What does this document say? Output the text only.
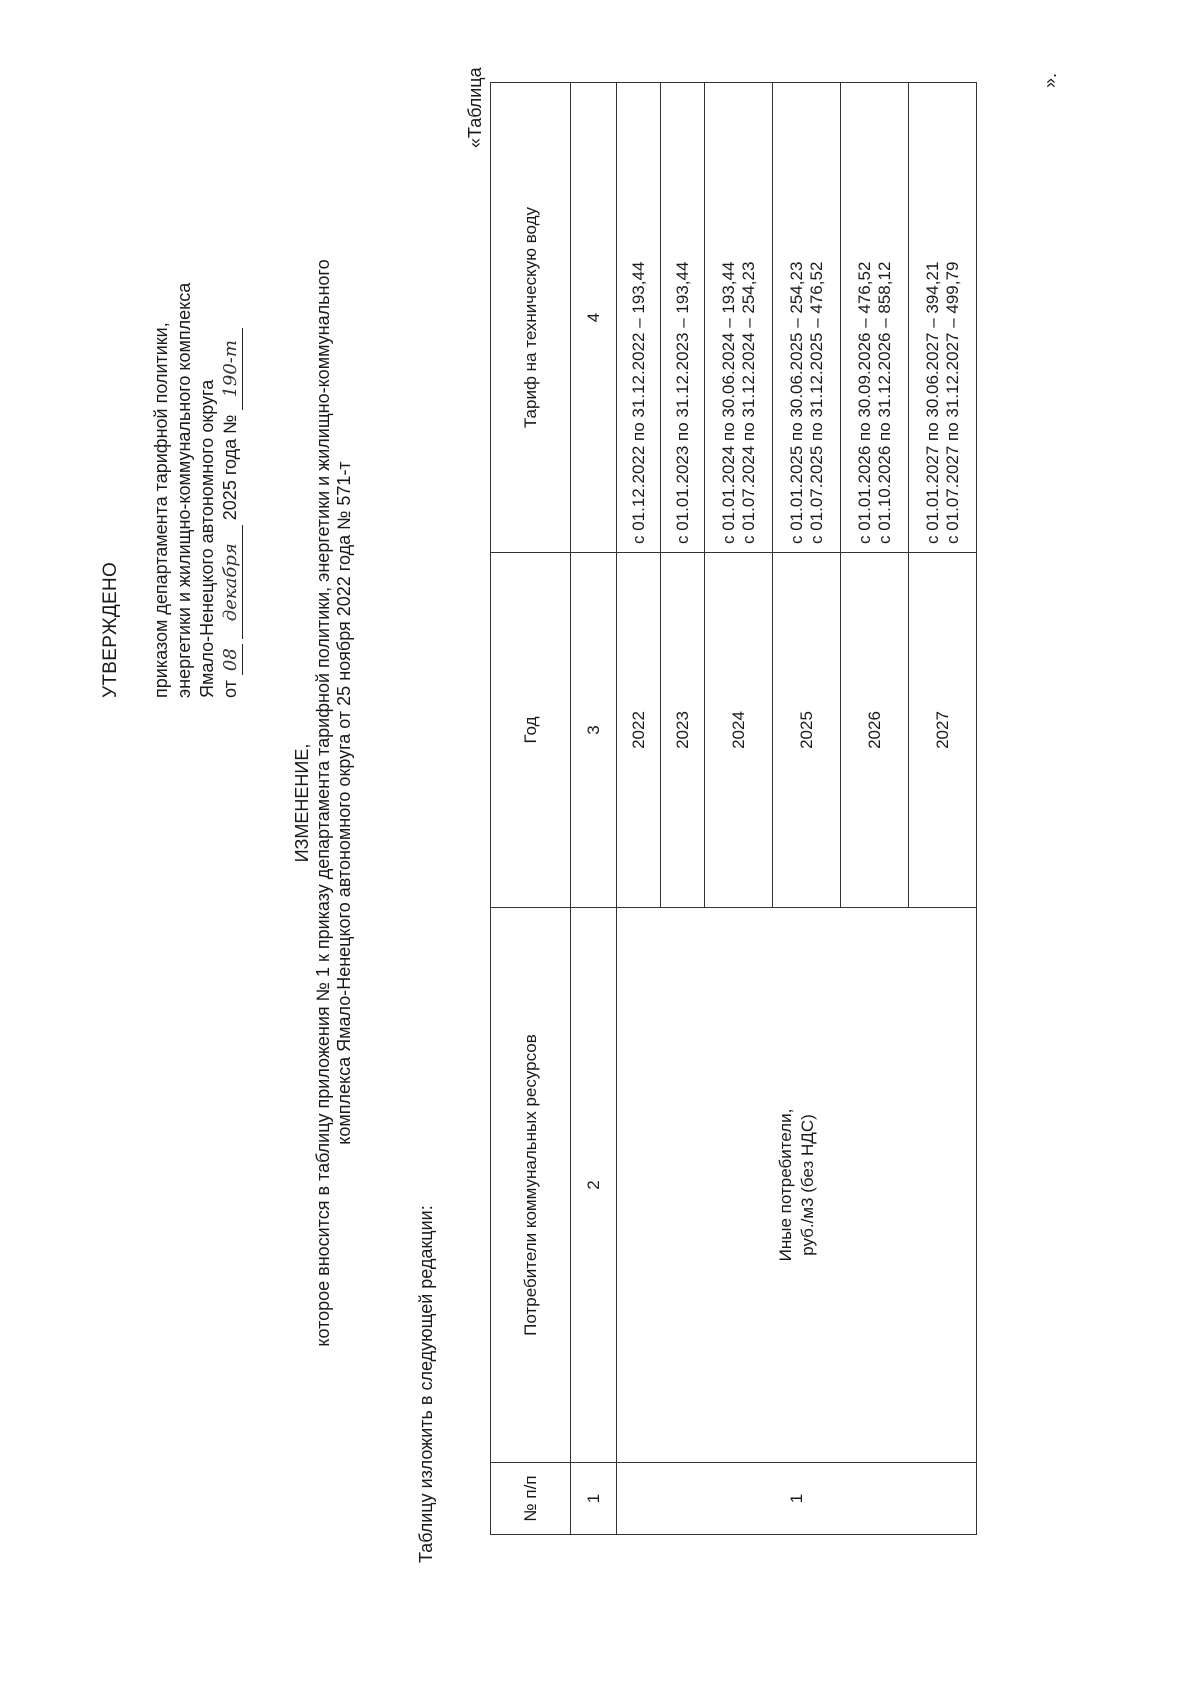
УТВЕРЖДЕНО приказом департамента тарифной политики, энергетики и жилищно-коммунального комплекса Ямало-Ненецкого автономного округа от 08 декабря 2025 года № 190-т
ИЗМЕНЕНИЕ, которое вносится в таблицу приложения № 1 к приказу департамента тарифной политики, энергетики и жилищно-коммунального комплекса Ямало-Ненецкого автономного округа от 25 ноября 2022 года № 571-т
Таблицу изложить в следующей редакции:
«Таблица
№ п/п	Потребители коммунальных ресурсов	Год	Тариф на техническую воду
1	2	3	4
1	Иные потребители, руб./м3 (без НДС)	2022	с 01.12.2022 по 31.12.2022 – 193,44

		2023	с 01.01.2023 по 31.12.2023 – 193,44

		2024	с 01.01.2024 по 30.06.2024 – 193,44 с 01.07.2024 по 31.12.2024 – 254,23

		2025	с 01.01.2025 по 30.06.2025 – 254,23 с 01.07.2025 по 31.12.2025 – 476,52

		2026	с 01.01.2026 по 30.09.2026 – 476,52 с 01.10.2026 по 31.12.2026 – 858,12

		2027	с 01.01.2027 по 30.06.2027 – 394,21 с 01.07.2027 по 31.12.2027 – 499,79
».
